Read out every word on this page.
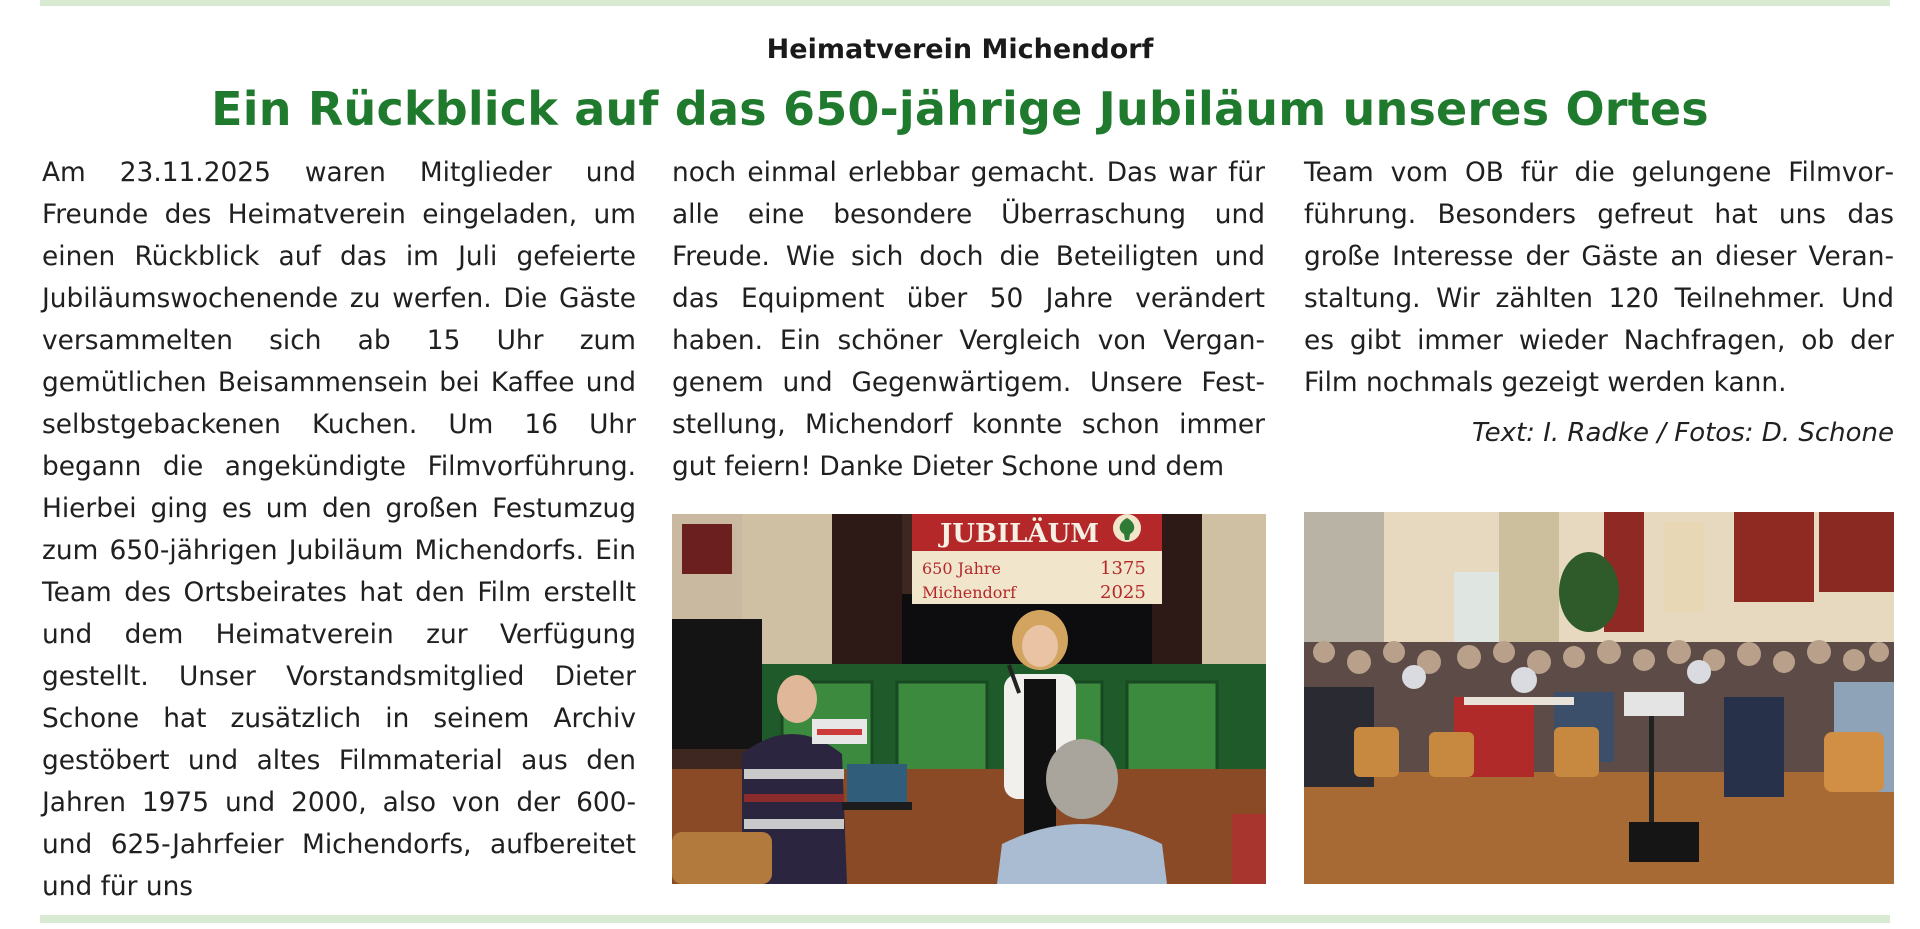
Heimatverein Michendorf
Ein Rückblick auf das 650-jährige Jubiläum unseres Ortes

Am 23.11.2025 waren Mitglieder und Freunde des Heimatverein eingeladen, um einen Rückblick auf das im Juli gefeierte Jubiläumswochenende zu werfen. Die Gäste versammelten sich ab 15 Uhr zum gemütlichen Beisammensein bei Kaffee und selbstgebackenen Kuchen. Um 16 Uhr begann die angekündigte Filmvorführung. Hierbei ging es um den großen Festumzug zum 650-jährigen Jubiläum Michendorfs. Ein Team des Ortsbeirates hat den Film erstellt und dem Heimatverein zur Verfügung gestellt. Unser Vorstandsmitglied Dieter Schone hat zusätzlich in seinem Archiv gestöbert und altes Filmmaterial aus den Jahren 1975 und 2000, also von der 600- und 625-Jahrfeier Michendorfs, aufbereitet und für uns

noch einmal erlebbar gemacht. Das war für alle eine besondere Überraschung und Freude. Wie sich doch die Beteiligten und das Equipment über 50 Jahre verändert haben. Ein schöner Vergleich von Vergangenem und Gegenwärtigem. Unsere Feststellung, Michendorf konnte schon immer gut feiern! Danke Dieter Schone und dem

Team vom OB für die gelungene Filmvorführung. Besonders gefreut hat uns das große Interesse der Gäste an dieser Veranstaltung. Wir zählten 120 Teilnehmer. Und es gibt immer wieder Nachfragen, ob der Film nochmals gezeigt werden kann.

Text: I. Radke / Fotos: D. Schone
JUBILÄUM
650 Jahre	1375
Michendorf	2025
